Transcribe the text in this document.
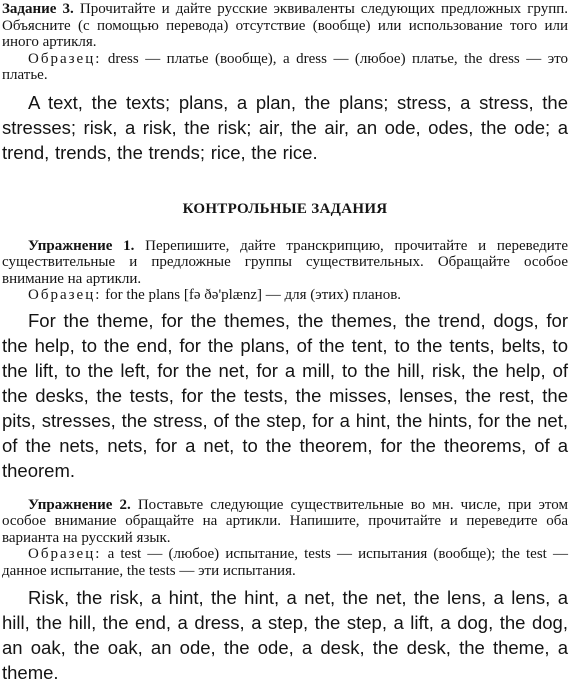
Задание 3. Прочитайте и дайте русские эквиваленты следующих предложных групп. Объясните (с помощью перевода) отсутствие (вообще) или использование того или иного артикля.

Образец: dress — платье (вообще), a dress — (любое) платье, the dress — это платье.

A text, the texts; plans, a plan, the plans; stress, a stress, the stresses; risk, a risk, the risk; air, the air, an ode, odes, the ode; a trend, trends, the trends; rice, the rice.

КОНТРОЛЬНЫЕ ЗАДАНИЯ

Упражнение 1. Перепишите, дайте транскрипцию, прочитайте и переведите существительные и предложные группы существительных. Обращайте особое внимание на артикли.

Образец: for the plans [fə ðə'plænz] — для (этих) планов.

For the theme, for the themes, the themes, the trend, dogs, for the help, to the end, for the plans, of the tent, to the tents, belts, to the lift, to the left, for the net, for a mill, to the hill, risk, the help, of the desks, the tests, for the tests, the misses, lenses, the rest, the pits, stresses, the stress, of the step, for a hint, the hints, for the net, of the nets, nets, for a net, to the theorem, for the theorems, of a theorem.

Упражнение 2. Поставьте следующие существительные во мн. числе, при этом особое внимание обращайте на артикли. Напишите, прочитайте и переведите оба варианта на русский язык.

Образец: a test — (любое) испытание, tests — испытания (вообще); the test — данное испытание, the tests — эти испытания.

Risk, the risk, a hint, the hint, a net, the net, the lens, a lens, a hill, the hill, the end, a dress, a step, the step, a lift, a dog, the dog, an oak, the oak, an ode, the ode, a desk, the desk, the theme, a theme.
